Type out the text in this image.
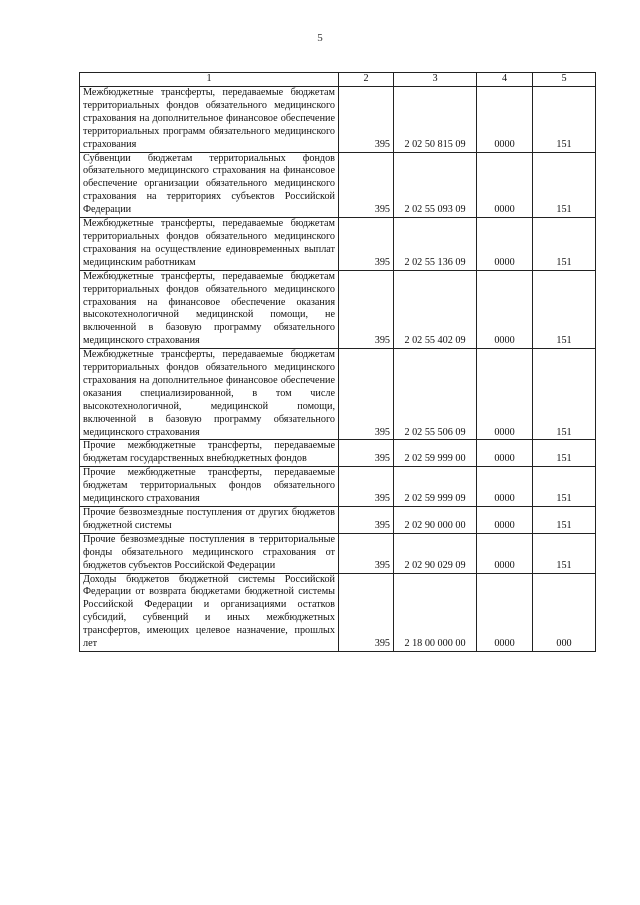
5
1	2	3	4	5
Межбюджетные трансферты, передаваемые бюджетам территориальных фондов обязательного медицинского страхования на дополнительное финансовое обеспечение территориальных программ обязательного медицинского страхования	395	2 02 50 815 09	0000	151
Субвенции бюджетам территориальных фондов обязательного медицинского страхования на финансовое обеспечение организации обязательного медицинского страхования на территориях субъектов Российской Федерации	395	2 02 55 093 09	0000	151
Межбюджетные трансферты, передаваемые бюджетам территориальных фондов обязательного медицинского страхования на осуществление единовременных выплат медицинским работникам	395	2 02 55 136 09	0000	151
Межбюджетные трансферты, передаваемые бюджетам территориальных фондов обязательного медицинского страхования на финансовое обеспечение оказания высокотехнологичной медицинской помощи, не включенной в базовую программу обязательного медицинского страхования	395	2 02 55 402 09	0000	151
Межбюджетные трансферты, передаваемые бюджетам территориальных фондов обязательного медицинского страхования на дополнительное финансовое обеспечение оказания специализированной, в том числе высокотехнологичной, медицинской помощи, включенной в базовую программу обязательного медицинского страхования	395	2 02 55 506 09	0000	151
Прочие межбюджетные трансферты, передаваемые бюджетам государственных внебюджетных фондов	395	2 02 59 999 00	0000	151
Прочие межбюджетные трансферты, передаваемые бюджетам территориальных фондов обязательного медицинского страхования	395	2 02 59 999 09	0000	151
Прочие безвозмездные поступления от других бюджетов бюджетной системы	395	2 02 90 000 00	0000	151
Прочие безвозмездные поступления в территориальные фонды обязательного медицинского страхования от бюджетов субъектов Российской Федерации	395	2 02 90 029 09	0000	151
Доходы бюджетов бюджетной системы Российской Федерации от возврата бюджетами бюджетной системы Российской Федерации и организациями остатков субсидий, субвенций и иных межбюджетных трансфертов, имеющих целевое назначение, прошлых лет	395	2 18 00 000 00	0000	000
